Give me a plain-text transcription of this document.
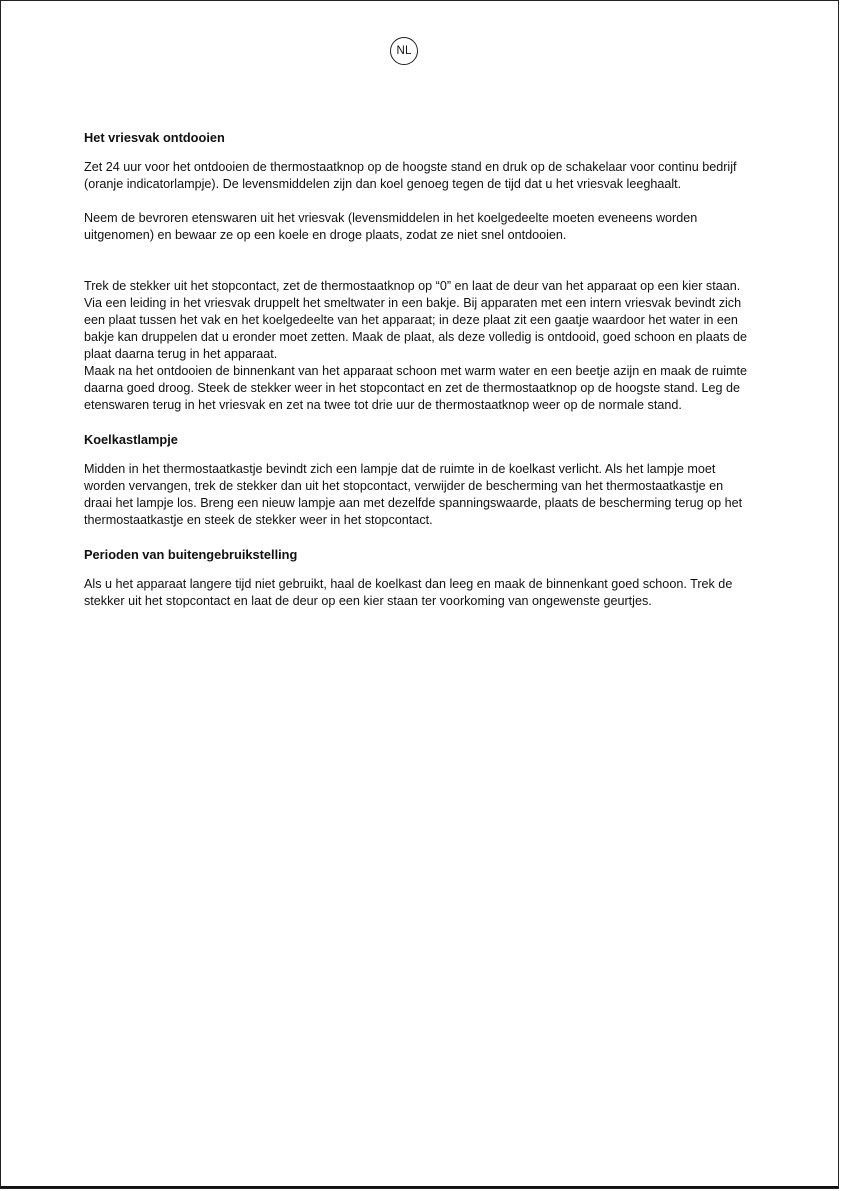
NL
Het vriesvak ontdooien

Zet 24 uur voor het ontdooien de thermostaatknop op de hoogste stand en druk op de schakelaar voor continu bedrijf (oranje indicatorlampje). De levensmiddelen zijn dan koel genoeg tegen de tijd dat u het vriesvak leeghaalt.

Neem de bevroren etenswaren uit het vriesvak (levensmiddelen in het koelgedeelte moeten eveneens worden uitgenomen) en bewaar ze op een koele en droge plaats, zodat ze niet snel ontdooien.

Trek de stekker uit het stopcontact, zet de thermostaatknop op “0” en laat de deur van het apparaat op een kier staan. Via een leiding in het vriesvak druppelt het smeltwater in een bakje. Bij apparaten met een intern vriesvak bevindt zich een plaat tussen het vak en het koelgedeelte van het apparaat; in deze plaat zit een gaatje waardoor het water in een bakje kan druppelen dat u eronder moet zetten. Maak de plaat, als deze volledig is ontdooid, goed schoon en plaats de plaat daarna terug in het apparaat.

Maak na het ontdooien de binnenkant van het apparaat schoon met warm water en een beetje azijn en maak de ruimte daarna goed droog. Steek de stekker weer in het stopcontact en zet de thermostaatknop op de hoogste stand. Leg de etenswaren terug in het vriesvak en zet na twee tot drie uur de thermostaatknop weer op de normale stand.

Koelkastlampje

Midden in het thermostaatkastje bevindt zich een lampje dat de ruimte in de koelkast verlicht. Als het lampje moet worden vervangen, trek de stekker dan uit het stopcontact, verwijder de bescherming van het thermostaatkastje en draai het lampje los. Breng een nieuw lampje aan met dezelfde spanningswaarde, plaats de bescherming terug op het thermostaatkastje en steek de stekker weer in het stopcontact.

Perioden van buitengebruikstelling

Als u het apparaat langere tijd niet gebruikt, haal de koelkast dan leeg en maak de binnenkant goed schoon. Trek de stekker uit het stopcontact en laat de deur op een kier staan ter voorkoming van ongewenste geurtjes.
